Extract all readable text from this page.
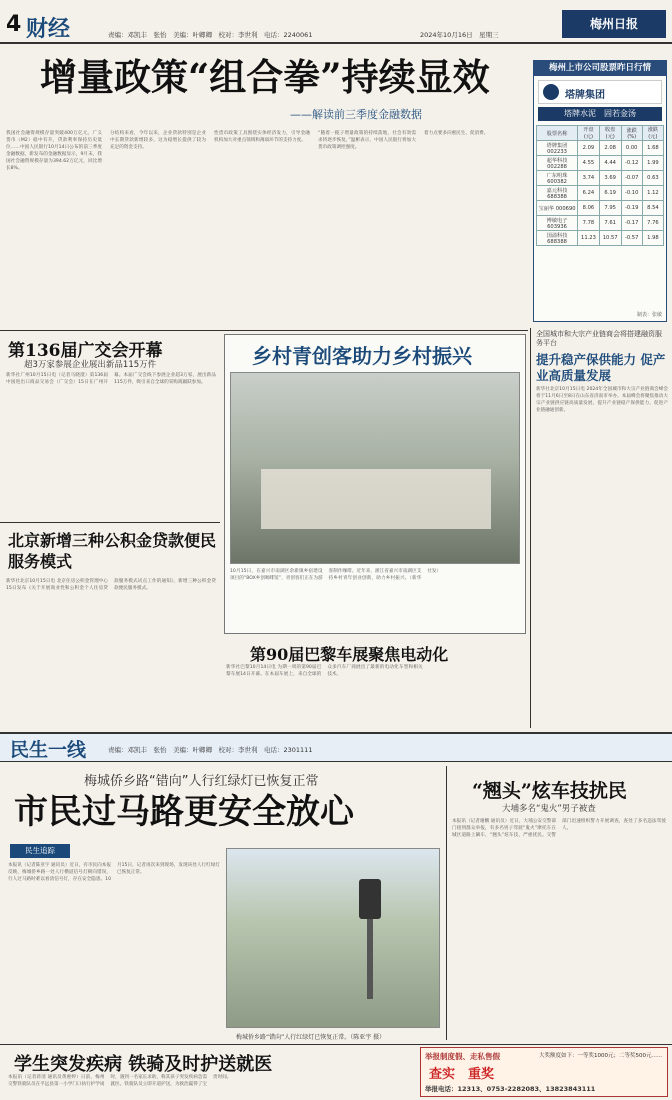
4 财经	责编：邓凯丰　张怡　美编：叶卿卿　校对：李世利　电话：2240061	2024年10月16日　星期三
梅州日报
增量政策“组合拳”持续显效
——解读前三季度金融数据
我国社会融资规模存量突破400万亿元，广义货币（M2）稳中有升，贷款利率保持历史低位……中国人民银行10月14日公布的前三季度金融数据，新发布的金融数据显示，9月末，我国社会融资规模存量为394.62万亿元，同比增长8%。
分结构来看，今年以来，企业贷款特别是企业中长期贷款新增较多，这为稳增长提供了较为充足的资金支持。
性货币政策工具围绕实体经济发力，引导金融机构加大对重点领域和薄弱环节的支持力度。
“随着一揽子增量政策的持续落地，社会有效需求将逐步恢复，”温彬表示，中国人民银行将加大货币政策调控强度。
着力点要多向惠民生、促消费。
梅州上市公司股票昨日行情
塔牌集团
塔牌水泥　固若金汤
股票名称	开盘(元)	收盘(元)	涨跌(%)	涨跌(元)
塔牌集团 002233	2.09	2.08	0.00	1.68
超华科技 002288	4.55	4.44	-0.12	1.99
广东明珠 600382	3.74	3.69	-0.07	0.63
嘉元科技 688388	6.24	6.19	-0.10	1.12
宝丽华 000690	8.06	7.95	-0.19	8.54
博敏电子 603936	7.78	7.61	-0.17	7.76
国溢科技 688388	11.23	10.57	-0.57	1.98
制表：张敏
第136届广交会开幕
超3万家参展企业展出新品115万件
新华社广州10月15日电（记者马晓澄）第136届中国进出口商品交易会（广交会）15日在广州开幕。本届广交会线下参展企业超3万家，展出新品115万件，吸引来自全球的采购商踊跃参加。
乡村青创客助力乡村振兴
10月15日，在嘉兴市南湖区余新镇乡宿建设项目的“BOX乡创咖啡馆”，青创客们正在为游客制作咖啡。近年来，浙江省嘉兴市南湖区支持乡村青年创业创新，助力乡村振兴。（新华社发）
北京新增三种公积金贷款便民服务模式
新华社北京10月15日电 北京住房公积金管理中心15日发布《关于开展商业性和公积金个人住房贷款服务模式试点工作的通知》，新增三种公积金贷款便民服务模式。
第90届巴黎车展聚焦电动化
新华社巴黎10月14日电 为期一周的第90届巴黎车展14日开幕。在本届车展上，来自全球的众多汽车厂商展出了最新的电动化车型和相关技术。
全国城市和大宗产业链商会将搭建融资服务平台
提升稳产保供能力 促产业高质量发展
新华社北京10月15日电 2024年全国城市和大宗产业链商会峰会将于11月6日至8日在山东省济南市举办。本届峰会将聚焦推动大宗产业链供应链高质量发展，提升产业链稳产保供能力，促进产业链融通创新。
民生一线	责编：邓凯丰　张怡　美编：叶卿卿　校对：李世利　电话：2301111
梅城侨乡路“错向”人行红绿灯已恢复正常
市民过马路更安全放心
民生追踪
本报讯（记者陈亚宇 通讯员）近日，有市民向本报反映，梅城侨乡路一处人行横道信号灯朝向错误，行人过马路时难以看清信号灯，存在安全隐患。10月15日，记者再次来到现场，发现该处人行红绿灯已恢复正常。
梅城侨乡路“错向”人行红绿灯已恢复正常。（陈亚宇 摄）
“翘头”炫车技扰民
大埔多名“鬼火”男子被查
本报讯（记者谢鹏 通讯员）近日，大埔公安交警部门接到群众举报，有多名男子驾驶“鬼火”摩托车在城区道路上飙车、“翘头”炫车技，严重扰民。交警部门迅速组织警力开展调查，查处了多名违法驾驶人。
学生突发疾病 铁骑及时护送就医
本报讯（记者蒋清 通讯员黄惠婷）日前，梅州交警铁骑队员在平远县第一小学门口执行护学岗时，遇到一名家长求助，称其孩子突发疾病急需就医。铁骑队员立即开道护送，为救治赢得了宝贵时间。
举报制度假、走私售假
查实　重奖
大奖额度如下：一等奖1000元；二等奖500元……
举报电话：12313、0753-2282083、13823843111
